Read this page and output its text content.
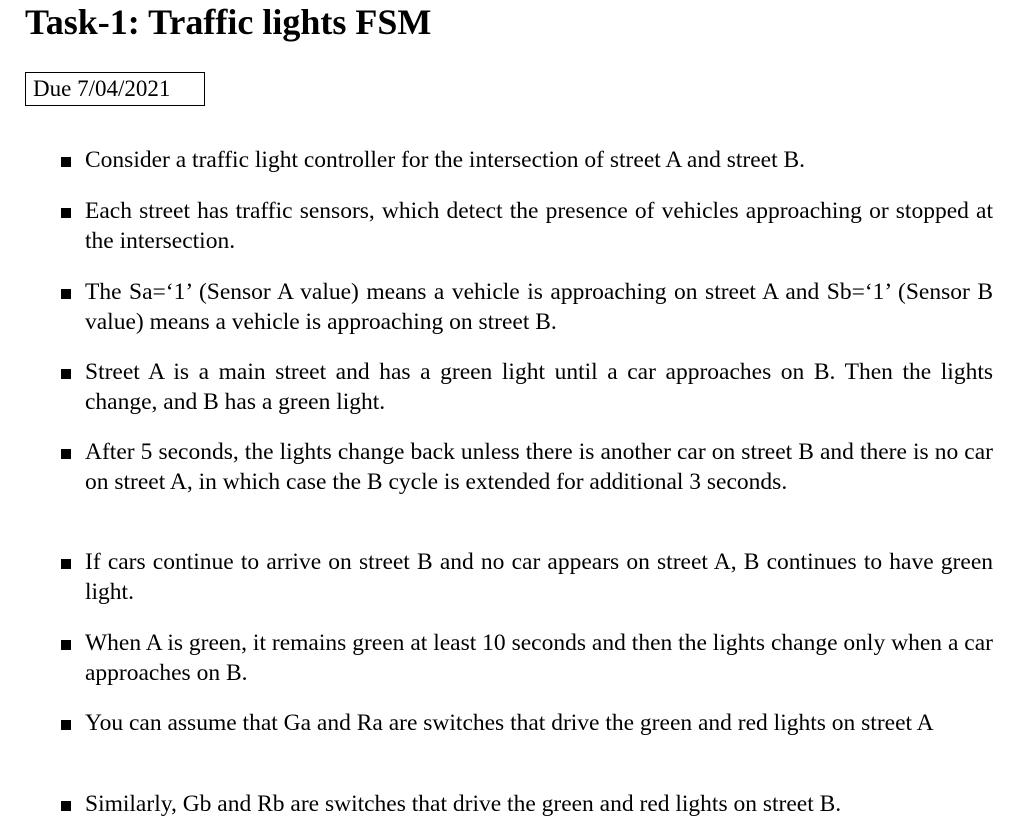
Task-1: Traffic lights FSM
Due 7/04/2021
Consider a traffic light controller for the intersection of street A and street B.
Each street has traffic sensors, which detect the presence of vehicles approaching or stopped at the intersection.
The Sa=‘1’ (Sensor A value) means a vehicle is approaching on street A and Sb=‘1’ (Sensor B value) means a vehicle is approaching on street B.
Street A is a main street and has a green light until a car approaches on B. Then the lights change, and B has a green light.
After 5 seconds, the lights change back unless there is another car on street B and there is no car on street A, in which case the B cycle is extended for additional 3 seconds.
If cars continue to arrive on street B and no car appears on street A, B continues to have green light.
When A is green, it remains green at least 10 seconds and then the lights change only when a car approaches on B.
You can assume that Ga and Ra are switches that drive the green and red lights on street A
Similarly, Gb and Rb are switches that drive the green and red lights on street B.
